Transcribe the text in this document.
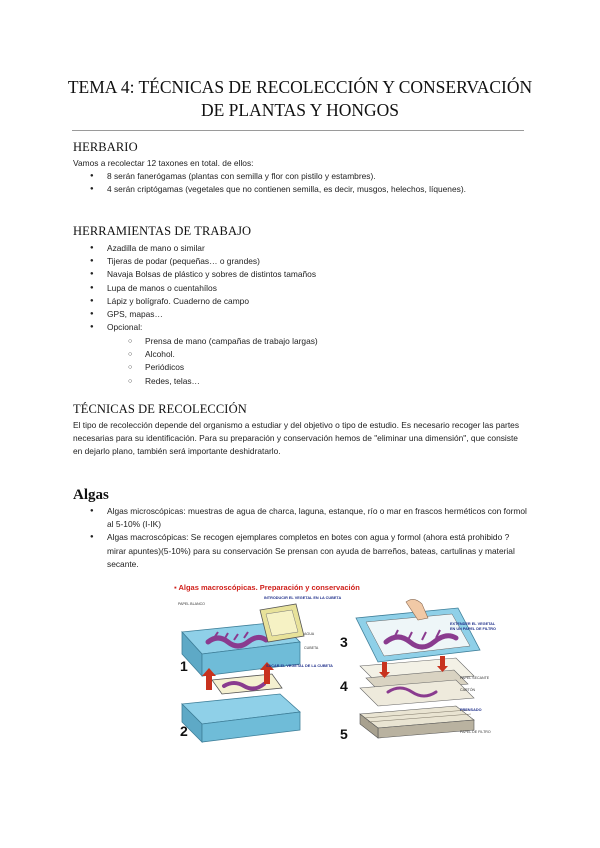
TEMA 4: TÉCNICAS DE RECOLECCIÓN Y CONSERVACIÓN
DE PLANTAS Y HONGOS
HERBARIO
Vamos a recolectar 12 taxones en total. de ellos:
● 8 serán fanerógamas (plantas con semilla y flor con pistilo y estambres).
● 4 serán criptógamas (vegetales que no contienen semilla, es decir, musgos, helechos, líquenes).
HERRAMIENTAS DE TRABAJO
● Azadilla de mano o similar
● Tijeras de podar (pequeñas… o grandes)
● Navaja Bolsas de plástico y sobres de distintos tamaños
● Lupa de manos o cuentahílos
● Lápiz y bolígrafo. Cuaderno de campo
● GPS, mapas…
● Opcional:
○ Prensa de mano (campañas de trabajo largas)
○ Alcohol.
○ Periódicos
○ Redes, telas…
TÉCNICAS DE RECOLECCIÓN
El tipo de recolección depende del organismo a estudiar y del objetivo o tipo de estudio. Es necesario recoger las partes necesarias para su identificación. Para su preparación y conservación hemos de "eliminar una dimensión", que consiste en dejarlo plano, también será importante deshidratarlo.
Algas
● Algas microscópicas: muestras de agua de charca, laguna, estanque, río o mar en frascos herméticos con formol al 5-10% (I-IK)
● Algas macroscópicas: Se recogen ejemplares completos en botes con agua y formol (ahora está prohibido ? mirar apuntes)(5-10%) para su conservación Se prensan con ayuda de barreños, bateas, cartulinas y material secante.
▪ Algas macroscópicas. Preparación y conservación
1
2
3
4
5
INTRODUCIR EL VEGETAL EN LA CUBETA
SACAR EL VEGETAL DE LA CUBETA
EXTENDER EL VEGETAL EN UN PAPEL DE FILTRO
PRENSADO
PAPEL BLANCO
AGUA
CUBETA
PAPEL SECANTE
CARTÓN
PAPEL DE FILTRO
